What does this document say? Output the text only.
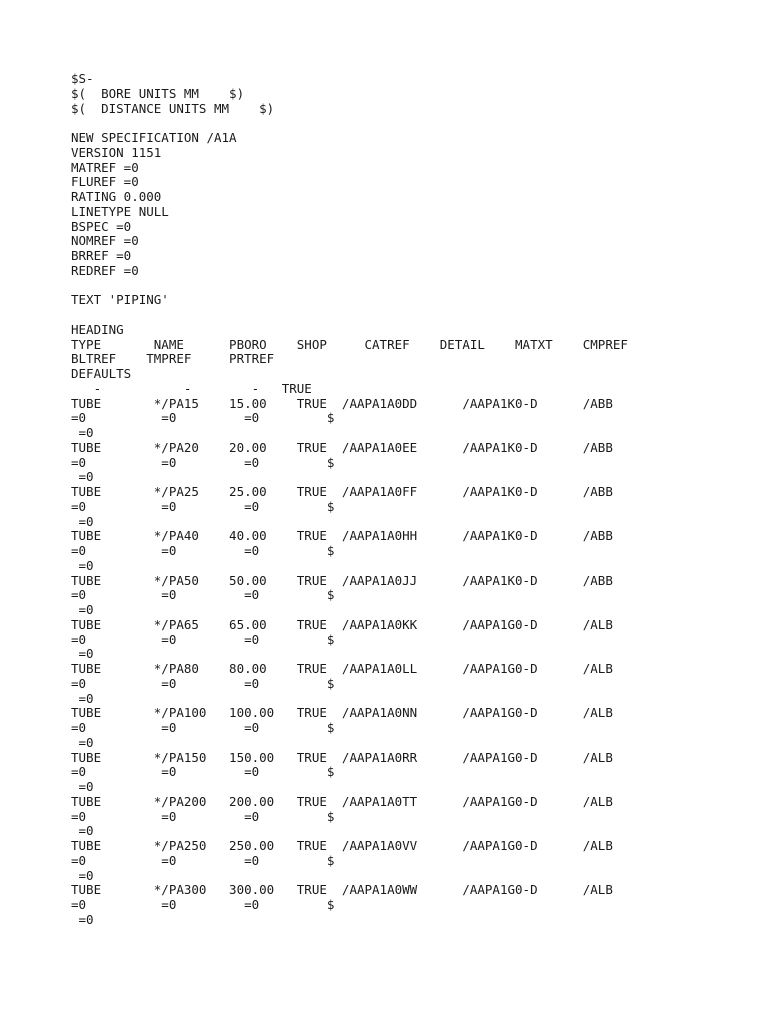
$S-
$(  BORE UNITS MM    $)
$(  DISTANCE UNITS MM    $)
NEW SPECIFICATION /A1A
VERSION 1151
MATREF =0
FLUREF =0
RATING 0.000
LINETYPE NULL
BSPEC =0
NOMREF =0
BRREF =0
REDREF =0
TEXT 'PIPING'
HEADING
TYPE       NAME      PBORO    SHOP     CATREF    DETAIL    MATXT    CMPREF
BLTREF    TMPREF     PRTREF
DEFAULTS
-           -        -   TRUE
TUBE       */PA15    15.00    TRUE  /AAPA1A0DD      /AAPA1K0-D      /ABB
=0          =0         =0         $
=0
TUBE       */PA20    20.00    TRUE  /AAPA1A0EE      /AAPA1K0-D      /ABB
=0          =0         =0         $
=0
TUBE       */PA25    25.00    TRUE  /AAPA1A0FF      /AAPA1K0-D      /ABB
=0          =0         =0         $
=0
TUBE       */PA40    40.00    TRUE  /AAPA1A0HH      /AAPA1K0-D      /ABB
=0          =0         =0         $
=0
TUBE       */PA50    50.00    TRUE  /AAPA1A0JJ      /AAPA1K0-D      /ABB
=0          =0         =0         $
=0
TUBE       */PA65    65.00    TRUE  /AAPA1A0KK      /AAPA1G0-D      /ALB
=0          =0         =0         $
=0
TUBE       */PA80    80.00    TRUE  /AAPA1A0LL      /AAPA1G0-D      /ALB
=0          =0         =0         $
=0
TUBE       */PA100   100.00   TRUE  /AAPA1A0NN      /AAPA1G0-D      /ALB
=0          =0         =0         $
=0
TUBE       */PA150   150.00   TRUE  /AAPA1A0RR      /AAPA1G0-D      /ALB
=0          =0         =0         $
=0
TUBE       */PA200   200.00   TRUE  /AAPA1A0TT      /AAPA1G0-D      /ALB
=0          =0         =0         $
=0
TUBE       */PA250   250.00   TRUE  /AAPA1A0VV      /AAPA1G0-D      /ALB
=0          =0         =0         $
=0
TUBE       */PA300   300.00   TRUE  /AAPA1A0WW      /AAPA1G0-D      /ALB
=0          =0         =0         $
=0
